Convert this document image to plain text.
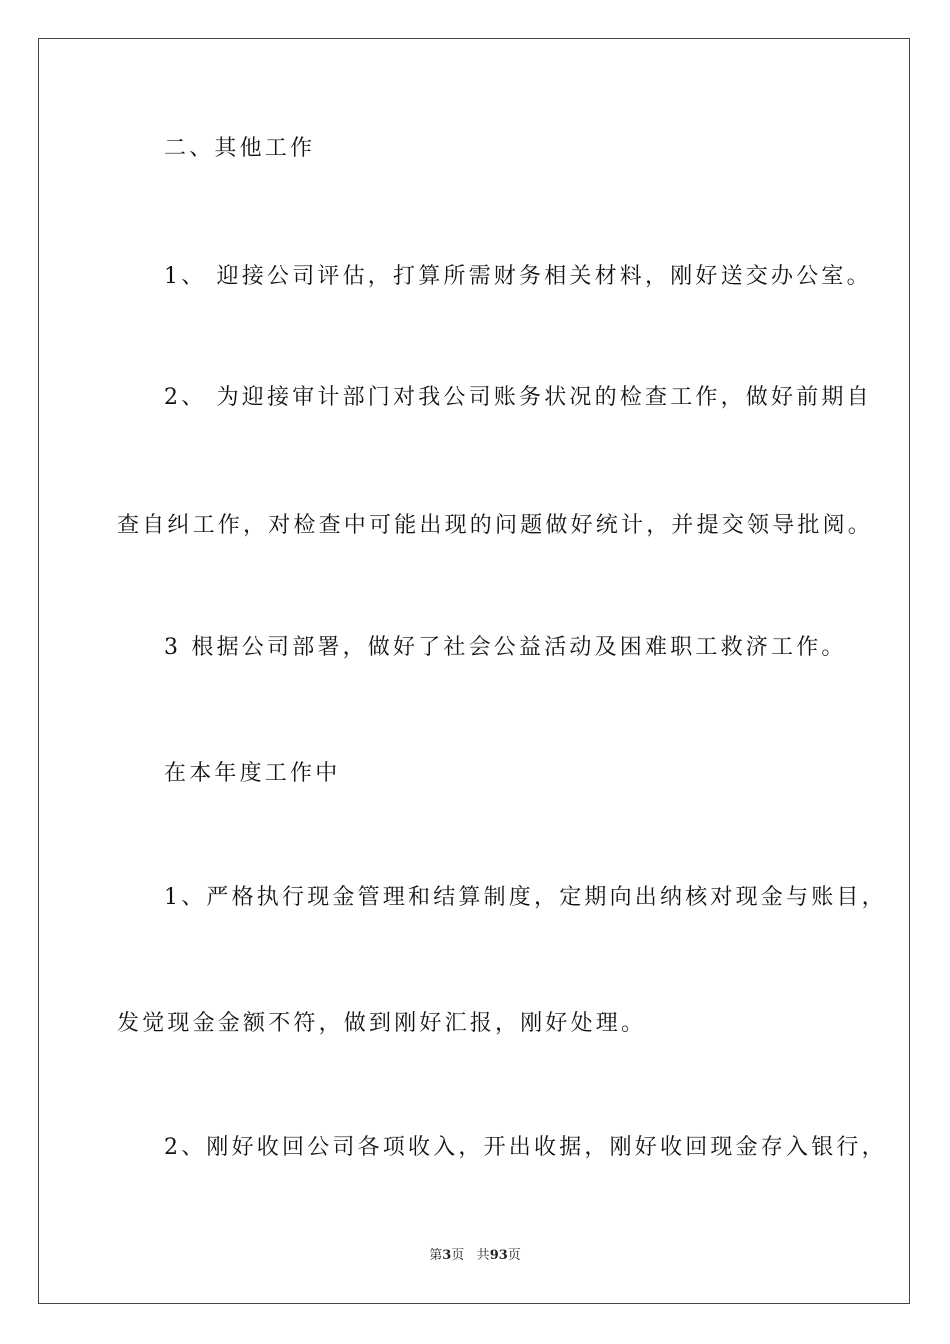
二、其他工作
1、 迎接公司评估，打算所需财务相关材料，刚好送交办公室。
2、 为迎接审计部门对我公司账务状况的检查工作，做好前期自
查自纠工作，对检查中可能出现的问题做好统计，并提交领导批阅。
3 根据公司部署，做好了社会公益活动及困难职工救济工作。
在本年度工作中
1、严格执行现金管理和结算制度，定期向出纳核对现金与账目，
发觉现金金额不符，做到刚好汇报，刚好处理。
2、刚好收回公司各项收入，开出收据，刚好收回现金存入银行，
第3页 共93页
